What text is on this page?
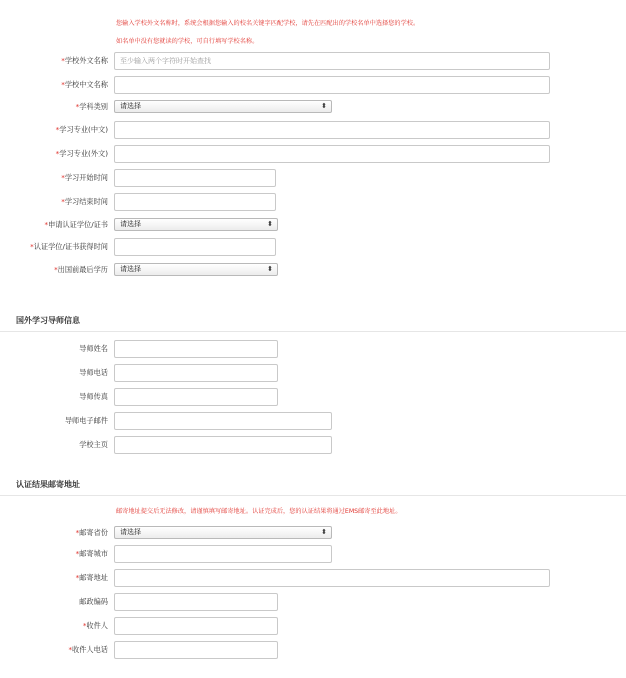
您输入学校外文名称时，系统会根据您输入的校名关键字匹配学校，请先在匹配出的学校名单中选择您的学校。
如名单中没有您就读的学校，可自行填写学校名称。
*学校外文名称
至少输入两个字符时开始查找
*学校中文名称
*学科类别	请选择	⬍
*学习专业(中文)
*学习专业(外文)
*学习开始时间
*学习结束时间
*申请认证学位/证书	请选择	⬍
*认证学位/证书获得时间
*出国前最后学历	请选择	⬍
国外学习导师信息
导师姓名
导师电话
导师传真
导师电子邮件
学校主页
认证结果邮寄地址
邮寄地址提交后无法修改，请谨慎填写邮寄地址。认证完成后，您的认证结果将通过EMS邮寄至此地址。
*邮寄省份	请选择	⬍
*邮寄城市
*邮寄地址
邮政编码
*收件人
*收件人电话
